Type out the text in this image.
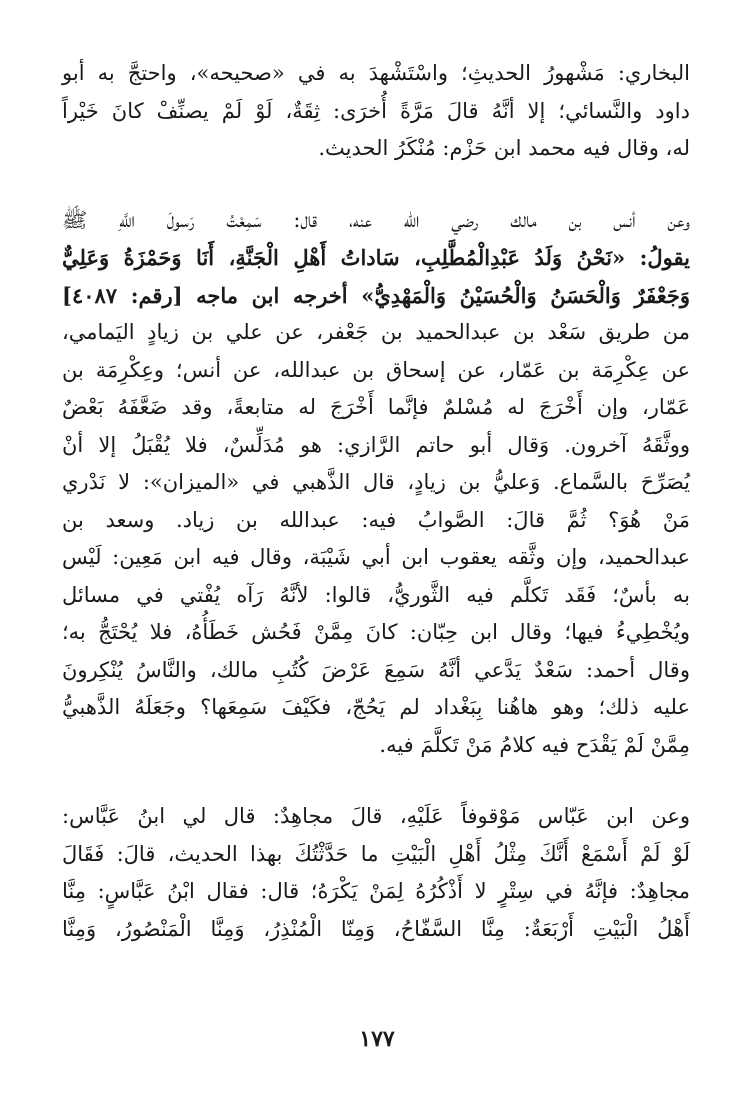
البخاري: مَشْهورُ الحديثِ؛ واسْتَشْهدَ به في «صحيحه»، واحتجَّ به أبو
داود والنَّسائي؛ إلا أنَّهُ قالَ مَرَّةً أُخرَى: ثِقَةٌ، لَوْ لَمْ يصنِّفْ كانَ خَيْراً
له، وقال فيه محمد ابن حَزْم: مُنْكَرُ الحديث.
وعن أنس بن مالك رضي الله عنه، قال: سَمِعْتُ رَسولَ اللَّهِ ﷺ
يقولُ: «نَحْنُ وَلَدُ عَبْدِالْمُطَّلِبِ، سَاداتُ أَهْلِ الْجَنَّةِ، أَنَا وَحَمْزَةُ وَعَلِيٌّ
وَجَعْفَرٌ وَالْحَسَنُ وَالْحُسَيْنُ وَالْمَهْدِيُّ» أخرجه ابن ماجه [رقم: ٤٠٨٧]
من طريق سَعْد بن عبدالحميد بن جَعْفر، عن علي بن زيادٍ اليَمامي،
عن عِكْرِمَة بن عَمّار، عن إسحاق بن عبدالله، عن أنس؛ وعِكْرِمَة بن
عَمّار، وإن أَخْرَجَ له مُسْلمٌ فإنَّما أَخْرَجَ له متابعةً، وقد ضَعَّفَهُ بَعْضٌ
ووثَّقَهُ آخرون. وَقال أبو حاتم الرَّازي: هو مُدَلِّسٌ، فلا يُقْبَلُ إلا أنْ
يُصَرِّحَ بالسَّماع. وَعليُّ بن زيادٍ، قال الذَّهبي في «الميزان»: لا نَدْري
مَنْ هُوَ؟ ثُمَّ قالَ: الصَّوابُ فيه: عبدالله بن زياد. وسعد بن
عبدالحميد، وإن وثَّقه يعقوب ابن أبي شَيْبَة، وقال فيه ابن مَعِين: لَيْس
به بأسٌ؛ فَقَد تَكلَّم فيه الثَّوريُّ، قالوا: لأنَّهُ رَآه يُفْتي في مسائل
ويُخْطِيءُ فيها؛ وقال ابن حِبّان: كانَ مِمَّنْ فَحُش خَطَأُهُ، فلا يُحْتَجُّ به؛
وقال أحمد: سَعْدٌ يَدَّعي أنَّهُ سَمِعَ عَرْضَ كُتُبِ مالك، والنَّاسُ يُنْكِرونَ
عليه ذلك؛ وهو هاهُنا بِبَغْداد لم يَحُجّ، فكَيْفَ سَمِعَها؟ وجَعَلَهُ الذَّهبيُّ
مِمَّنْ لَمْ يَقْدَح فيه كلامُ مَنْ تَكلَّمَ فيه.
وعن ابن عَبّاس مَوْقوفاً عَلَيْهِ، قالَ مجاهِدٌ: قال لي ابنُ عَبَّاس:
لَوْ لَمْ أَسْمَعْ أَنَّكَ مِثْلُ أَهْلِ الْبَيْتِ ما حَدَّثْتُكَ بهذا الحديث، قالَ: فَقَالَ
مجاهِدٌ: فإنَّهُ في سِتْرٍ لا أَذْكُرُهُ لِمَنْ يَكْرَهُ؛ قال: فقال ابْنُ عَبَّاسٍ: مِنَّا
أَهْلُ الْبَيْتِ أَرْبَعَةٌ: مِنَّا السَّفّاحُ، وَمِنّا الْمُنْذِرُ، وَمِنَّا الْمَنْصُورُ، وَمِنَّا
١٧٧
